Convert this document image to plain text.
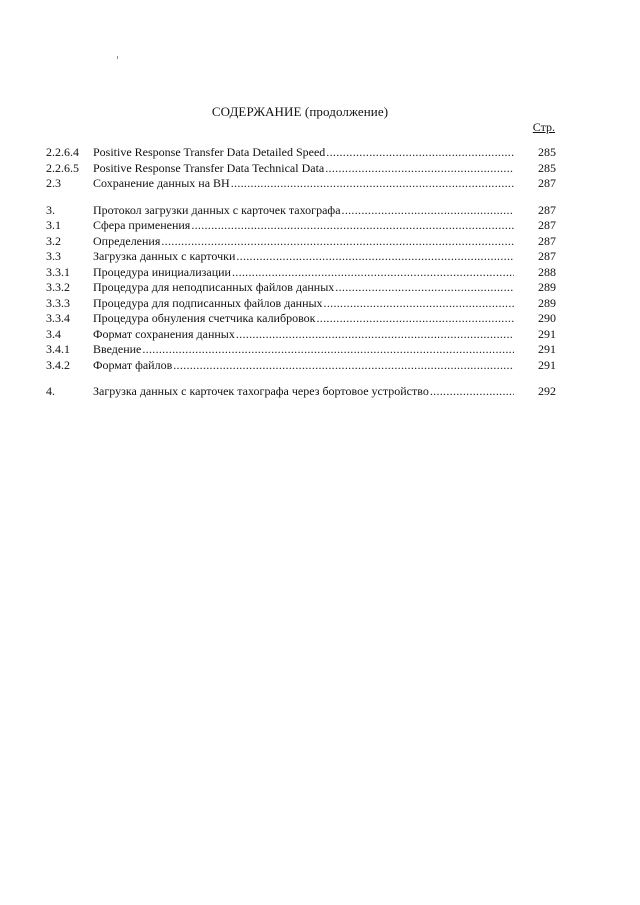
СОДЕРЖАНИЕ (продолжение)
Стр.
2.2.6.4	Positive Response Transfer Data Detailed Speed .....	285
2.2.6.5	Positive Response Transfer Data Technical Data .....	285
2.3	Сохранение данных на ВН .....	287
3.	Протокол загрузки данных с карточек тахографа .....	287
3.1	Сфера применения .....	287
3.2	Определения .....	287
3.3	Загрузка данных с карточки .....	287
3.3.1	Процедура инициализации .....	288
3.3.2	Процедура для неподписанных файлов данных .....	289
3.3.3	Процедура для подписанных файлов данных .....	289
3.3.4	Процедура обнуления счетчика калибровок .....	290
3.4	Формат сохранения данных .....	291
3.4.1	Введение .....	291
3.4.2	Формат файлов .....	291
4.	Загрузка данных с карточек тахографа через бортовое устройство .....	292
